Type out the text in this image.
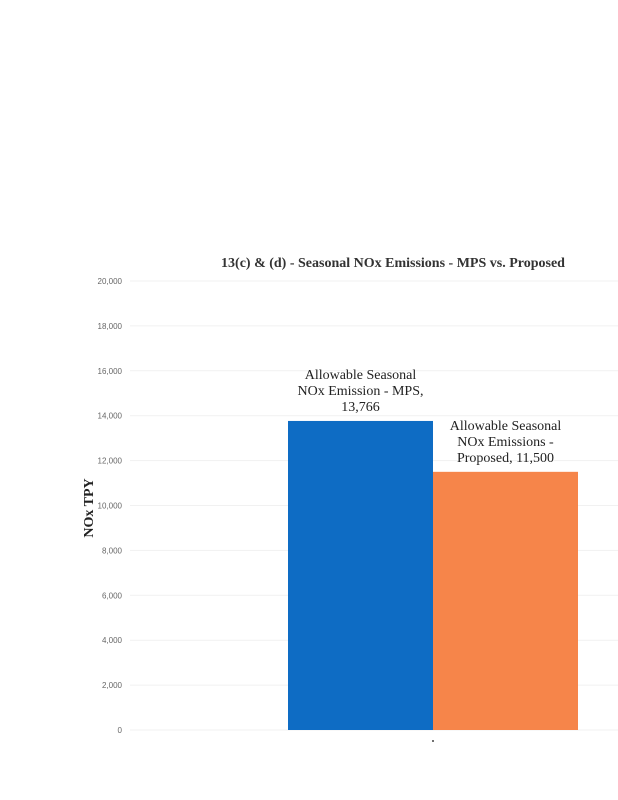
13(c) & (d) - Seasonal NOx Emissions - MPS vs. Proposed
0
2,000
4,000
6,000
8,000
10,000
12,000
14,000
16,000
18,000
20,000
NOx TPY
Allowable Seasonal NOx Emission - MPS, 13,766
Allowable Seasonal NOx Emissions -Proposed, 11,500
